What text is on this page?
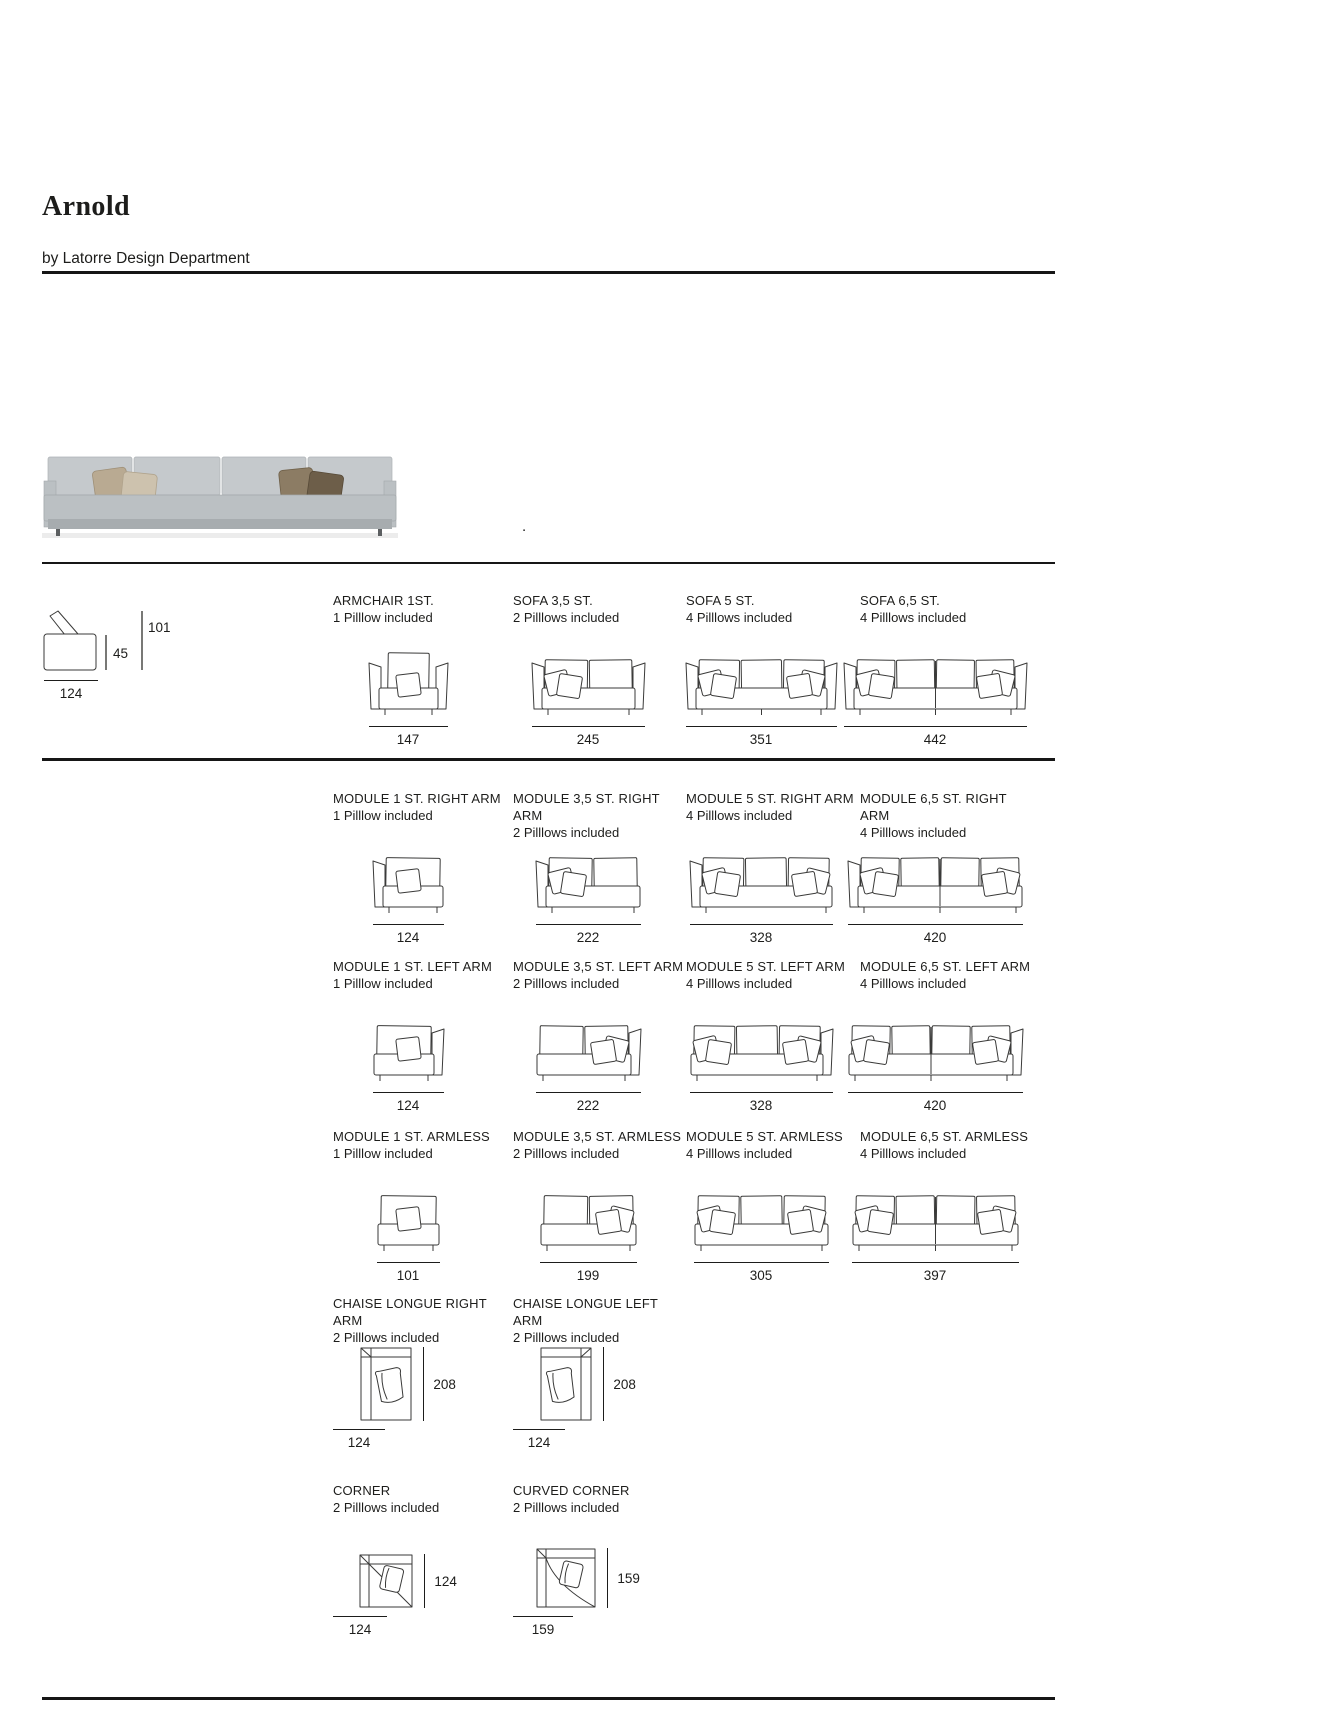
Arnold
by Latorre Design Department
.
45
101
124
ARMCHAIR 1ST.
1 Pilllow included
147
SOFA 3,5 ST.
2 Pilllows included
245
SOFA 5 ST.
4 Pilllows included
351
SOFA 6,5 ST.
4 Pilllows included
442
MODULE 1 ST. RIGHT ARM
1 Pilllow included
124
MODULE 3,5 ST. RIGHT ARM
2 Pilllows included
222
MODULE 5 ST. RIGHT ARM
4 Pilllows included
328
MODULE 6,5 ST. RIGHT ARM
4 Pilllows included
420
MODULE 1 ST. LEFT ARM
1 Pilllow included
124
MODULE 3,5 ST. LEFT ARM
2 Pilllows included
222
MODULE 5 ST. LEFT ARM
4 Pilllows included
328
MODULE 6,5 ST. LEFT ARM
4 Pilllows included
420
MODULE 1 ST. ARMLESS
1 Pilllow included
101
MODULE 3,5 ST. ARMLESS
2 Pilllows included
199
MODULE 5 ST. ARMLESS
4 Pilllows included
305
MODULE 6,5 ST. ARMLESS
4 Pilllows included
397
CHAISE LONGUE RIGHT ARM
2 Pilllows included
208
124
CHAISE LONGUE LEFT ARM
2 Pilllows included
208
124
CORNER
2 Pilllows included
124
124
CURVED CORNER
2 Pilllows included
159
159
